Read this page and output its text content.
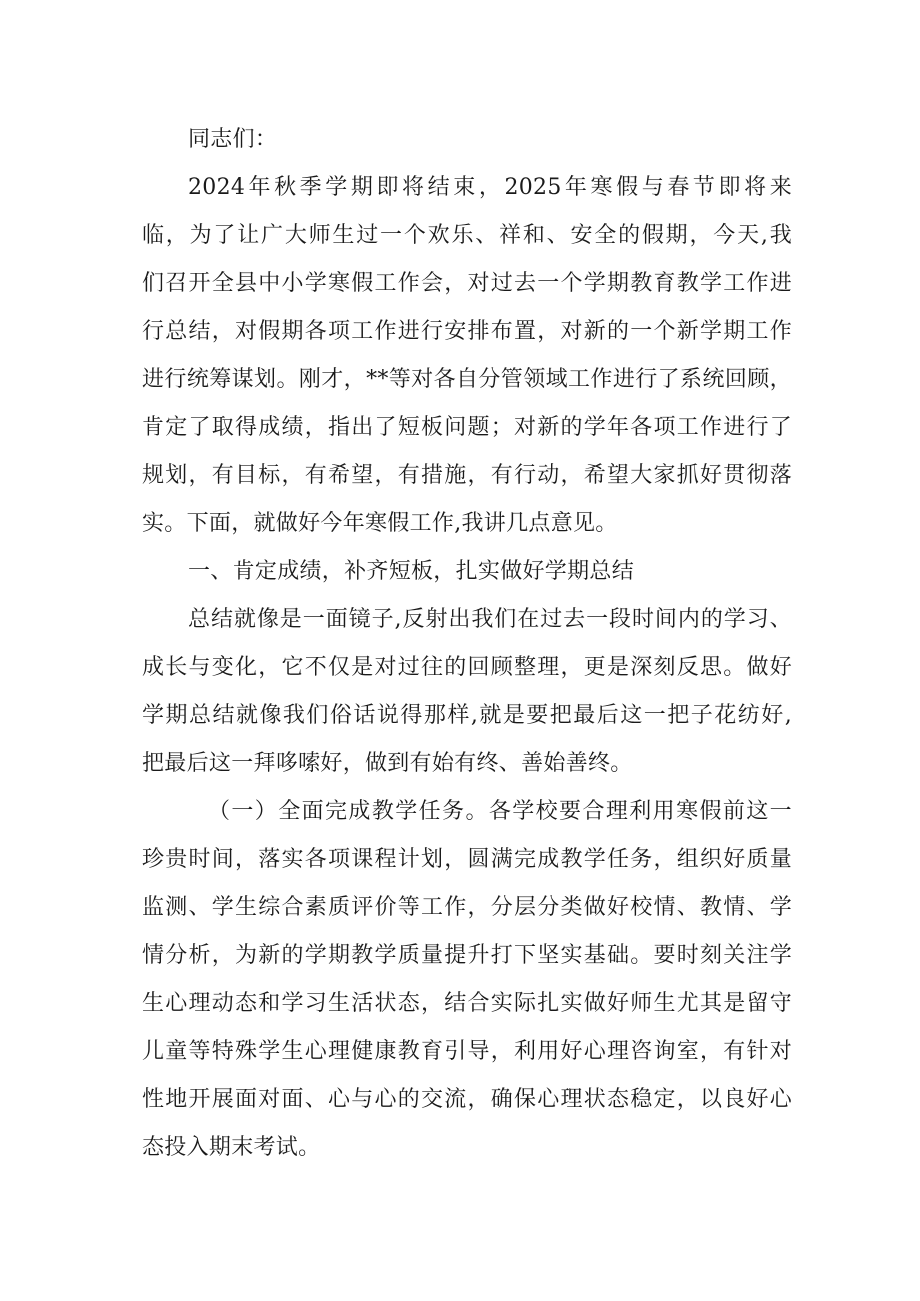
同志们：
2024年秋季学期即将结束，2025年寒假与春节即将来
临，为了让广大师生过一个欢乐、祥和、安全的假期，今天,我
们召开全县中小学寒假工作会，对过去一个学期教育教学工作进
行总结，对假期各项工作进行安排布置，对新的一个新学期工作
进行统筹谋划。刚才，**等对各自分管领域工作进行了系统回顾，
肯定了取得成绩，指出了短板问题；对新的学年各项工作进行了
规划，有目标，有希望，有措施，有行动，希望大家抓好贯彻落
实。下面，就做好今年寒假工作,我讲几点意见。
一、肯定成绩，补齐短板，扎实做好学期总结
总结就像是一面镜子,反射出我们在过去一段时间内的学习、
成长与变化，它不仅是对过往的回顾整理，更是深刻反思。做好
学期总结就像我们俗话说得那样,就是要把最后这一把子花纺好,
把最后这一拜哆嗦好，做到有始有终、善始善终。
（一）全面完成教学任务。各学校要合理利用寒假前这一
珍贵时间，落实各项课程计划，圆满完成教学任务，组织好质量
监测、学生综合素质评价等工作，分层分类做好校情、教情、学
情分析，为新的学期教学质量提升打下坚实基础。要时刻关注学
生心理动态和学习生活状态，结合实际扎实做好师生尤其是留守
儿童等特殊学生心理健康教育引导，利用好心理咨询室，有针对
性地开展面对面、心与心的交流，确保心理状态稳定，以良好心
态投入期末考试。
